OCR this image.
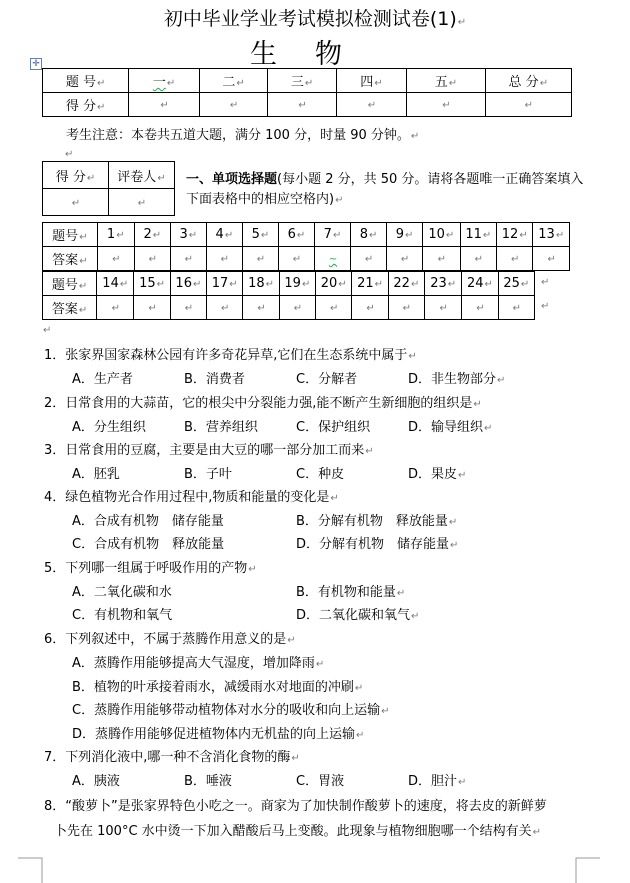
初中毕业学业考试模拟检测试卷(1)↵
生物
✛
题 号↵	一↵	二↵	三↵	四↵	五↵	总 分↵
得 分↵	↵	↵	↵	↵	↵	↵
考生注意：本卷共五道大题，满分 100 分，时量 90 分钟。↵
↵
得 分↵	评卷人↵
↵	↵
一、单项选择题(每小题 2 分，共 50 分。请将各题唯一正确答案填入下面表格中的相应空格内)↵
题号↵	1↵	2↵	3↵	4↵	5↵	6↵	7↵	8↵	9↵	10↵	11↵	12↵	13↵
答案↵	↵	↵	↵	↵	↵	↵	~	↵	↵	↵	↵	↵	↵
题号↵	14↵	15↵	16↵	17↵	18↵	19↵	20↵	21↵	22↵	23↵	24↵	25↵
答案↵	↵	↵	↵	↵	↵	↵	↵	↵	↵	↵	↵	↵
↵
↵
↵
1．张家界国家森林公园有许多奇花异草,它们在生态系统中属于↵
A．生产者	B．消费者	C．分解者	D．非生物部分↵
2．日常食用的大蒜苗，它的根尖中分裂能力强,能不断产生新细胞的组织是↵
A．分生组织	B．营养组织	C．保护组织	D．输导组织↵
3．日常食用的豆腐，主要是由大豆的哪一部分加工而来↵
A．胚乳	B．子叶	C．种皮	D．果皮↵
4．绿色植物光合作用过程中,物质和能量的变化是↵
A．合成有机物　储存能量	B．分解有机物　释放能量↵
C．合成有机物　释放能量	D．分解有机物　储存能量↵
5．下列哪一组属于呼吸作用的产物↵
A．二氧化碳和水	B．有机物和能量↵
C．有机物和氧气	D．二氧化碳和氧气↵
6．下列叙述中，不属于蒸腾作用意义的是↵
A．蒸腾作用能够提高大气湿度，增加降雨↵
B．植物的叶承接着雨水，减缓雨水对地面的冲刷↵
C．蒸腾作用能够带动植物体对水分的吸收和向上运输↵
D．蒸腾作用能够促进植物体内无机盐的向上运输↵
7．下列消化液中,哪一种不含消化食物的酶↵
A．胰液	B．唾液	C．胃液	D．胆汁↵
8．“酸萝卜”是张家界特色小吃之一。商家为了加快制作酸萝卜的速度，将去皮的新鲜萝
卜先在 100°C 水中烫一下加入醋酸后马上变酸。此现象与植物细胞哪一个结构有关↵
